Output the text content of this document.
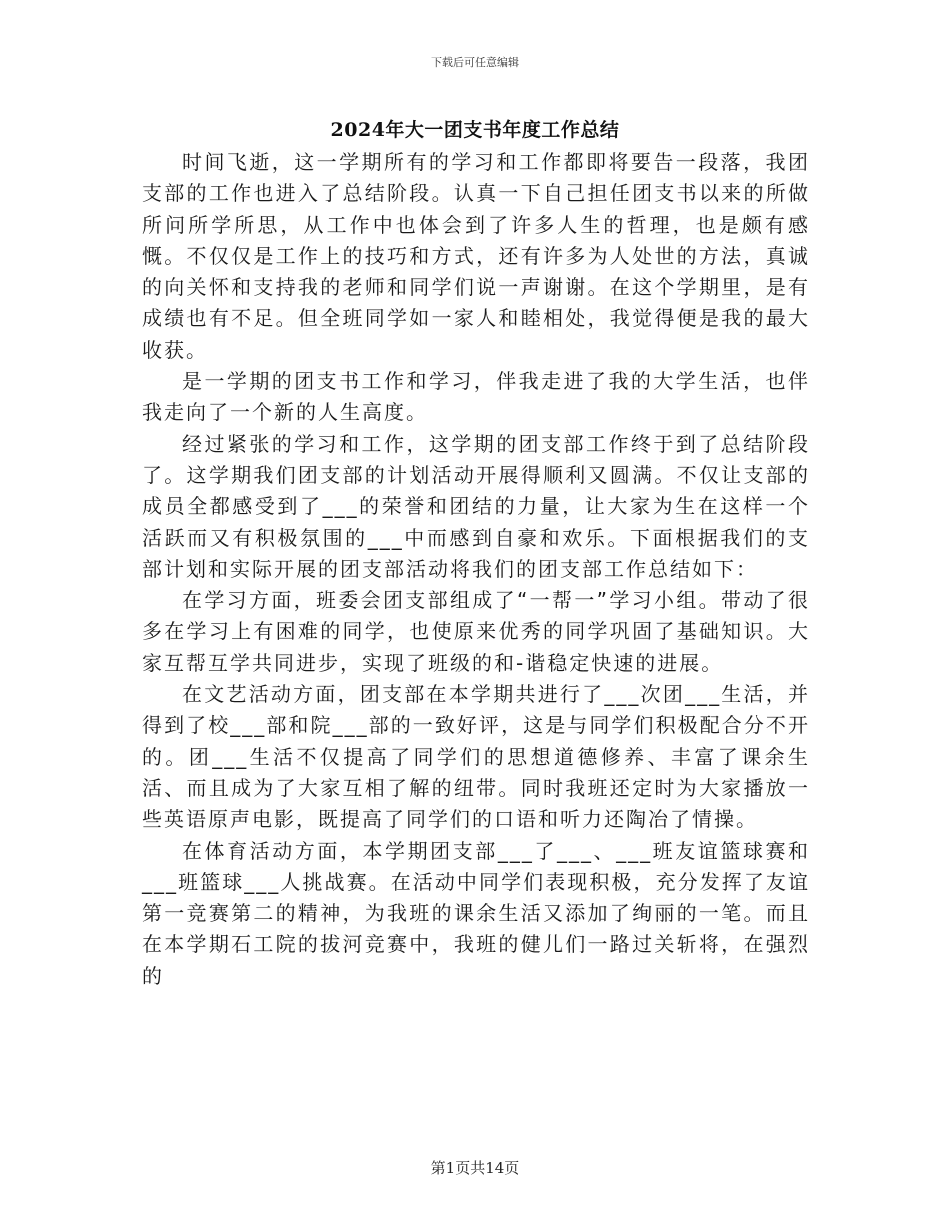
下载后可任意编辑
2024年大一团支书年度工作总结

时间飞逝，这一学期所有的学习和工作都即将要告一段落，我团支部的工作也进入了总结阶段。认真一下自己担任团支书以来的所做所问所学所思，从工作中也体会到了许多人生的哲理，也是颇有感慨。不仅仅是工作上的技巧和方式，还有许多为人处世的方法，真诚的向关怀和支持我的老师和同学们说一声谢谢。在这个学期里，是有成绩也有不足。但全班同学如一家人和睦相处，我觉得便是我的最大收获。

是一学期的团支书工作和学习，伴我走进了我的大学生活，也伴我走向了一个新的人生高度。

经过紧张的学习和工作，这学期的团支部工作终于到了总结阶段了。这学期我们团支部的计划活动开展得顺利又圆满。不仅让支部的成员全都感受到了___的荣誉和团结的力量，让大家为生在这样一个活跃而又有积极氛围的___中而感到自豪和欢乐。下面根据我们的支部计划和实际开展的团支部活动将我们的团支部工作总结如下：

在学习方面，班委会团支部组成了“一帮一”学习小组。带动了很多在学习上有困难的同学，也使原来优秀的同学巩固了基础知识。大家互帮互学共同进步，实现了班级的和-谐稳定快速的进展。

在文艺活动方面，团支部在本学期共进行了___次团___生活，并得到了校___部和院___部的一致好评，这是与同学们积极配合分不开的。团___生活不仅提高了同学们的思想道德修养、丰富了课余生活、而且成为了大家互相了解的纽带。同时我班还定时为大家播放一些英语原声电影，既提高了同学们的口语和听力还陶冶了情操。

在体育活动方面，本学期团支部___了___、___班友谊篮球赛和___班篮球___人挑战赛。在活动中同学们表现积极，充分发挥了友谊第一竞赛第二的精神，为我班的课余生活又添加了绚丽的一笔。而且在本学期石工院的拔河竞赛中，我班的健儿们一路过关斩将，在强烈的

第1页共14页
